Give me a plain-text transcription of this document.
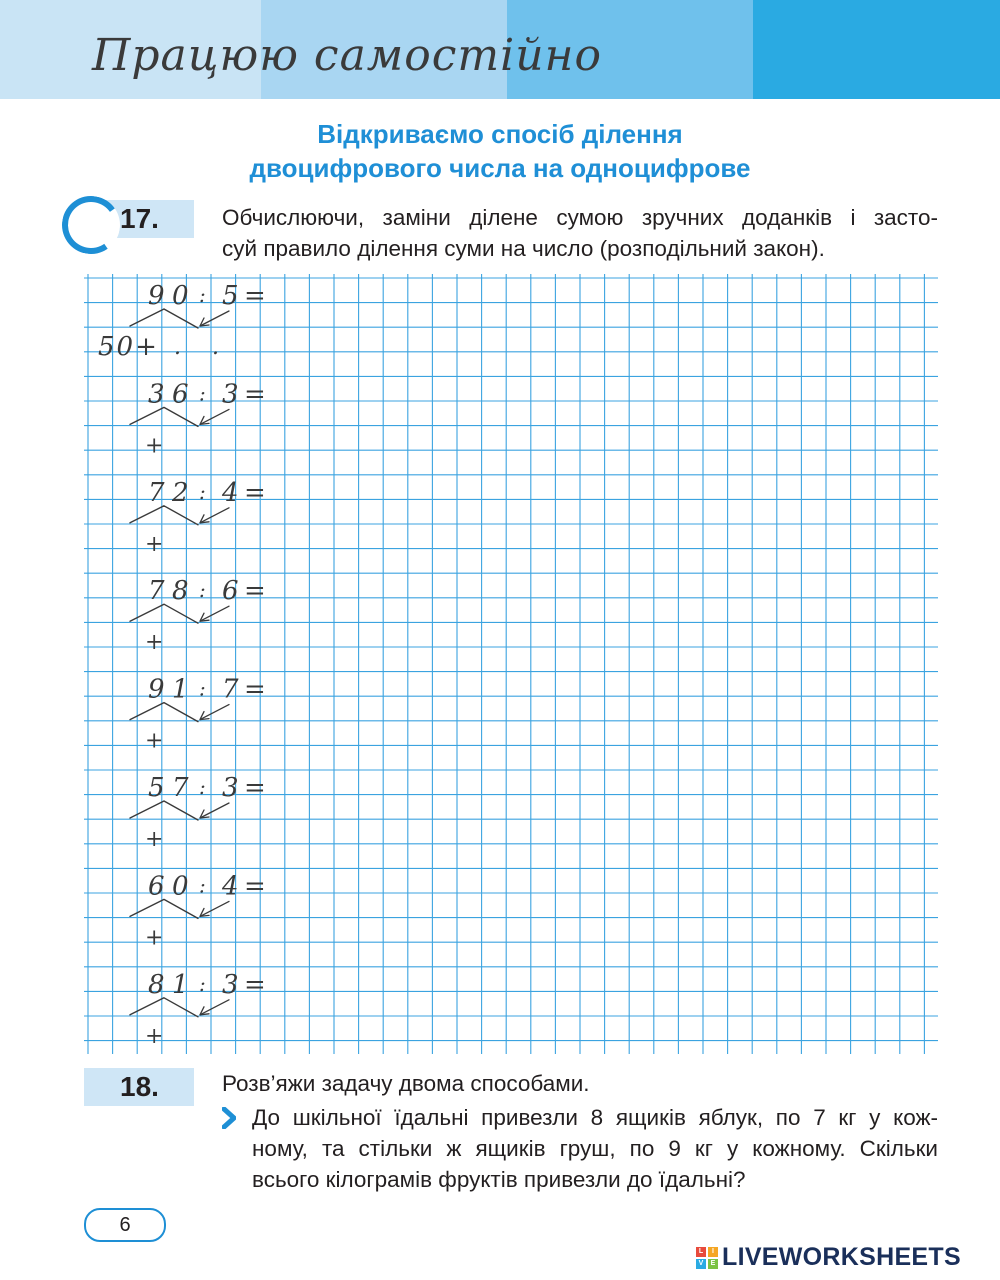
Працюю самостійно
Відкриваємо спосіб ділення
двоцифрового числа на одноцифрове
17.	Обчислюючи, заміни ділене сумою зручних доданків і засто-
суй правило ділення суми на число (розподільний закон).
9 0 : 5 =
50+ . .
3 6 : 3 =
+
7 2 : 4 =
+
7 8 : 6 =
+
9 1 : 7 =
+
5 7 : 3 =
+
6 0 : 4 =
+
8 1 : 3 =
+
18.	Розв’яжи задачу двома способами.
До шкільної їдальні привезли 8 ящиків яблук, по 7 кг у кож-
ному, та стільки ж ящиків груш, по 9 кг у кожному. Скільки
всього кілограмів фруктів привезли до їдальні?
6
L	I
V	E LIVEWORKSHEETS
